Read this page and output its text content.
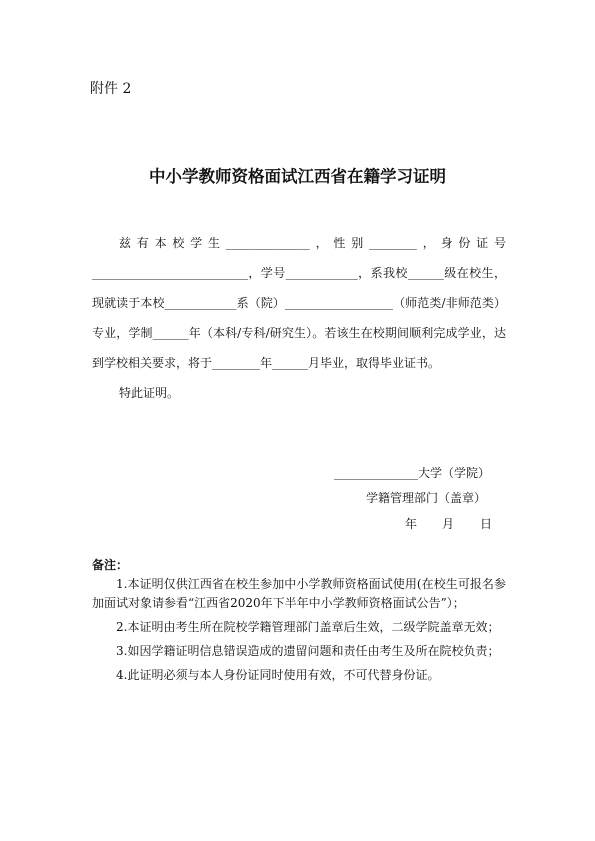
附件 2
中小学教师资格面试江西省在籍学习证明

兹有本校学生______________，性别________，身份证号__________________________，学号____________，系我校______级在校生，现就读于本校____________系（院）__________________（师范类/非师范类）专业，学制______年（本科/专科/研究生）。若该生在校期间顺利完成学业，达到学校相关要求，将于________年______月毕业，取得毕业证书。

特此证明。

______________大学（学院）
学籍管理部门（盖章）
年 月 日
备注：

1.本证明仅供江西省在校生参加中小学教师资格面试使用(在校生可报名参加面试对象请参看“江西省2020年下半年中小学教师资格面试公告”）；

2.本证明由考生所在院校学籍管理部门盖章后生效，二级学院盖章无效；

3.如因学籍证明信息错误造成的遗留问题和责任由考生及所在院校负责；

4.此证明必须与本人身份证同时使用有效，不可代替身份证。
